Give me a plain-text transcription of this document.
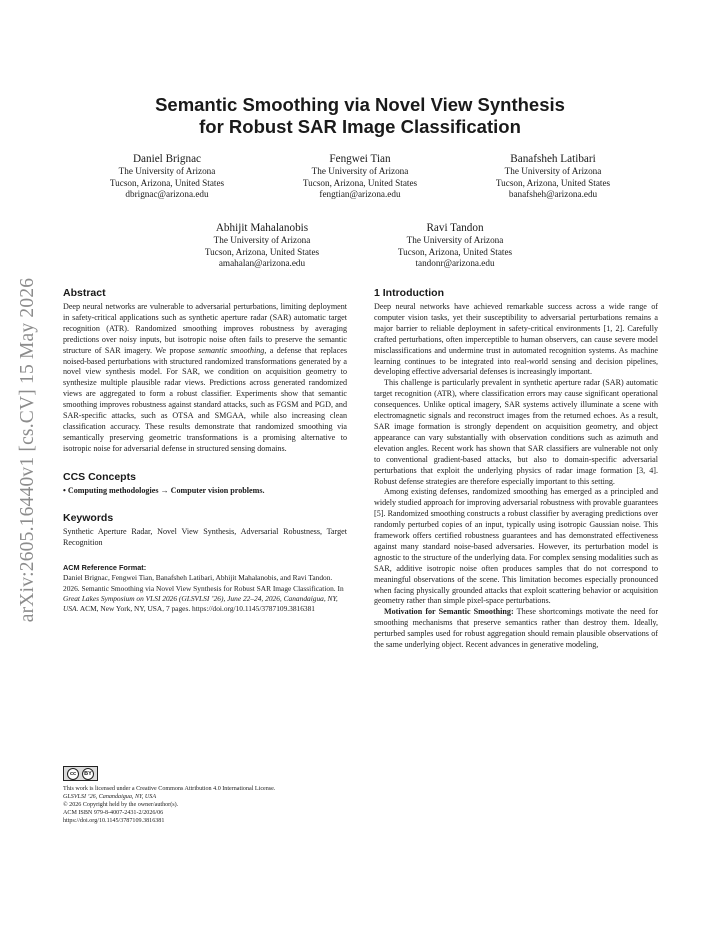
Semantic Smoothing via Novel View Synthesis
for Robust SAR Image Classification
Daniel Brignac
The University of Arizona
Tucson, Arizona, United States
dbrignac@arizona.edu
Fengwei Tian
The University of Arizona
Tucson, Arizona, United States
fengtian@arizona.edu
Banafsheh Latibari
The University of Arizona
Tucson, Arizona, United States
banafsheh@arizona.edu
Abhijit Mahalanobis
The University of Arizona
Tucson, Arizona, United States
amahalan@arizona.edu
Ravi Tandon
The University of Arizona
Tucson, Arizona, United States
tandonr@arizona.edu
arXiv:2605.16440v1 [cs.CV] 15 May 2026 Abstract

Deep neural networks are vulnerable to adversarial perturbations, limiting deployment in safety-critical applications such as synthetic aperture radar (SAR) automatic target recognition (ATR). Randomized smoothing improves robustness by averaging predictions over noisy inputs, but isotropic noise often fails to preserve the semantic structure of SAR imagery. We propose semantic smoothing, a defense that replaces noised-based perturbations with structured randomized transformations generated by a novel view synthesis model. For SAR, we condition on acquisition geometry to synthesize multiple plausible radar views. Predictions across generated randomized views are aggregated to form a robust classifier. Experiments show that semantic smoothing improves robustness against standard attacks, such as FGSM and PGD, and SAR-specific attacks, such as OTSA and SMGAA, while also increasing clean classification accuracy. These results demonstrate that randomized smoothing via semantically preserving geometric transformations is a promising alternative to isotropic noise for adversarial defense in structured sensing domains.

CCS Concepts

• Computing methodologies → Computer vision problems.

Keywords

Synthetic Aperture Radar, Novel View Synthesis, Adversarial Robustness, Target Recognition

ACM Reference Format:

Daniel Brignac, Fengwei Tian, Banafsheh Latibari, Abhijit Mahalanobis, and Ravi Tandon. 2026. Semantic Smoothing via Novel View Synthesis for Robust SAR Image Classification. In Great Lakes Symposium on VLSI 2026 (GLSVLSI ’26), June 22–24, 2026, Canandaigua, NY, USA. ACM, New York, NY, USA, 7 pages. https://doi.org/10.1145/3787109.3816381

cc	BY
This work is licensed under a Creative Commons Attribution 4.0 International License.
GLSVLSI ’26, Canandaigua, NY, USA
© 2026 Copyright held by the owner/author(s).
ACM ISBN 979-8-4007-2431-2/2026/06
https://doi.org/10.1145/3787109.3816381
1 Introduction

Deep neural networks have achieved remarkable success across a wide range of computer vision tasks, yet their susceptibility to adversarial perturbations remains a major barrier to reliable deployment in safety-critical environments [1, 2]. Carefully crafted perturbations, often imperceptible to human observers, can cause severe model misclassifications and undermine trust in automated recognition systems. As machine learning continues to be integrated into real-world sensing and decision pipelines, developing effective adversarial defenses is increasingly important.

This challenge is particularly prevalent in synthetic aperture radar (SAR) automatic target recognition (ATR), where classification errors may cause significant operational consequences. Unlike optical imagery, SAR systems actively illuminate a scene with electromagnetic signals and reconstruct images from the returned echoes. As a result, SAR image formation is strongly dependent on acquisition geometry, and object appearance can vary substantially with observation conditions such as azimuth and elevation angles. Recent work has shown that SAR classifiers are vulnerable not only to conventional gradient-based attacks, but also to domain-specific adversarial perturbations that exploit the underlying physics of radar image formation [3, 4]. Robust defense strategies are therefore especially important to this setting.

Among existing defenses, randomized smoothing has emerged as a principled and widely studied approach for improving adversarial robustness with provable guarantees [5]. Randomized smoothing constructs a robust classifier by averaging predictions over randomly perturbed copies of an input, typically using isotropic Gaussian noise. This framework offers certified robustness guarantees and has demonstrated effectiveness against many standard noise-based adversaries. However, its perturbation model is agnostic to the structure of the underlying data. For complex sensing modalities such as SAR, additive isotropic noise often produces samples that do not correspond to meaningful observations of the scene. This limitation becomes especially pronounced when facing physically grounded attacks that exploit scattering behavior or acquisition geometry rather than simple pixel-space perturbations.

Motivation for Semantic Smoothing: These shortcomings motivate the need for smoothing mechanisms that preserve semantics rather than destroy them. Ideally, perturbed samples used for robust aggregation should remain plausible observations of the same underlying object. Recent advances in generative modeling,
